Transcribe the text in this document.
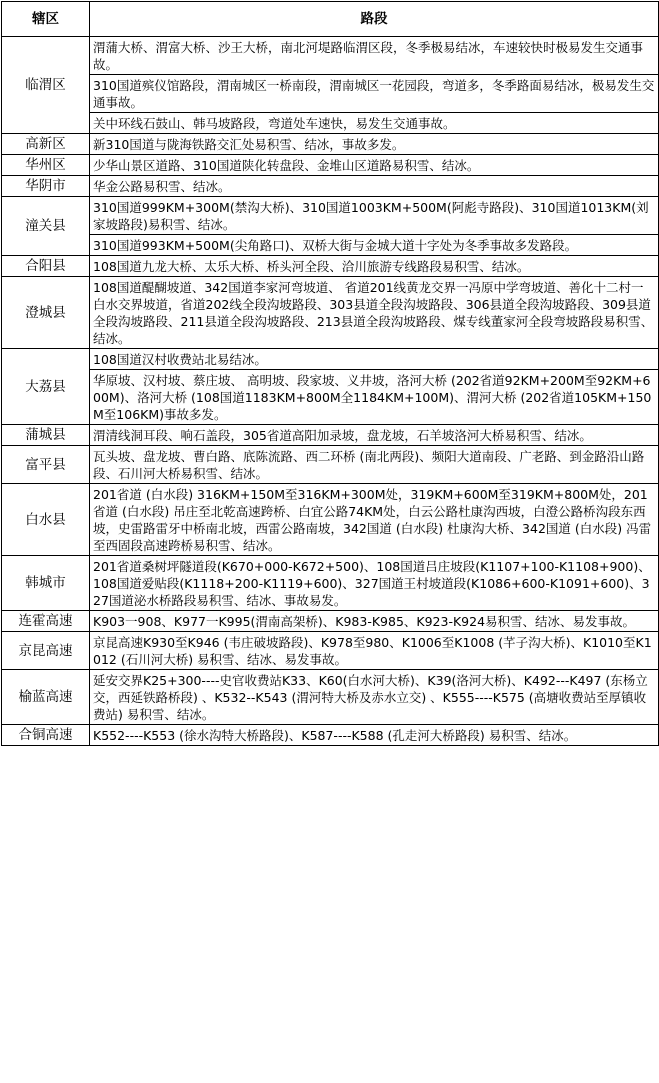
辖区	路段
临渭区	渭蒲大桥、渭富大桥、沙王大桥，南北河堤路临渭区段，冬季极易结冰，车速较快时极易发生交通事故。
	310国道殡仪馆路段，渭南城区一桥南段，渭南城区一花园段，弯道多，冬季路面易结冰，极易发生交通事故。
	关中环线石鼓山、韩马坡路段，弯道处车速快，易发生交通事故。
高新区	新310国道与陇海铁路交汇处易积雪、结冰，事故多发。
华州区	少华山景区道路、310国道陕化转盘段、金堆山区道路易积雪、结冰。
华阴市	华金公路易积雪、结冰。
潼关县	310国道999KM+300M(禁沟大桥)、310国道1003KM+500M(阿彪寺路段)、310国道1013KM(刘家坡路段)易积雪、结冰。
	310国道993KM+500M(尖角路口)、双桥大街与金城大道十字处为冬季事故多发路段。
合阳县	108国道九龙大桥、太乐大桥、桥头河全段、洽川旅游专线路段易积雪、结冰。
澄城县	108国道醍醐坡道、342国道李家河弯坡道、 省道201线黄龙交界一冯原中学弯坡道、善化十二村一白水交界坡道，省道202线全段沟坡路段、303县道全段沟坡路段、306县道全段沟坡路段、309县道全段沟坡路段、211县道全段沟坡路段、213县道全段沟坡路段、煤专线董家河全段弯坡路段易积雪、结冰。
大荔县	108国道汉村收费站北易结冰。
	华原坡、汉村坡、蔡庄坡、 高明坡、段家坡、义井坡，洛河大桥 (202省道92KM+200M至92KM+600M)、洛河大桥 (108国道1183KM+800M全1184KM+100M)、渭河大桥 (202省道105KM+150M至106KM)事故多发。
蒲城县	渭清线洞耳段、响石盖段，305省道高阳加录坡，盘龙坡，石羊坡洛河大桥易积雪、结冰。
富平县	瓦头坡、盘龙坡、曹白路、底陈流路、西二环桥 (南北两段)、频阳大道南段、广老路、到金路沿山路段、石川河大桥易积雪、结冰。
白水县	201省道 (白水段) 316KM+150M至316KM+300M处，319KM+600M至319KM+800M处，201省道 (白水段) 吊庄至北乾高速跨桥、白宜公路74KM处，白云公路杜康沟西坡，白澄公路桥沟段东西坡，史雷路雷牙中桥南北坡，西雷公路南坡，342国道 (白水段) 杜康沟大桥、342国道 (白水段) 冯雷至西固段高速跨桥易积雪、结冰。
韩城市	201省道桑树坪隧道段(K670+000-K672+500)、108国道吕庄坡段(K1107+100-K1108+900)、108国道爱贴段(K1118+200-K1119+600)、327国道王村坡道段(K1086+600-K1091+600)、327国道泌水桥路段易积雪、结冰、事故易发。
连霍高速	K903一908、K977一K995(渭南高架桥)、K983-K985、K923-K924易积雪、结冰、易发事故。
京昆高速	京昆高速K930至K946 (韦庄破坡路段)、K978至980、K1006至K1008 (芊子沟大桥)、K1010至K1012 (石川河大桥) 易积雪、结冰、易发事故。
榆蓝高速	延安交界K25+300----史官收费站K33、K60(白水河大桥)、K39(洛河大桥)、K492---K497 (东杨立交，西延铁路桥段) 、K532--K543 (渭河特大桥及赤水立交) 、K555----K575 (高塘收费站至厚镇收费站) 易积雪、结冰。
合铜高速	K552----K553 (徐水沟特大桥路段)、K587----K588 (孔走河大桥路段) 易积雪、结冰。
